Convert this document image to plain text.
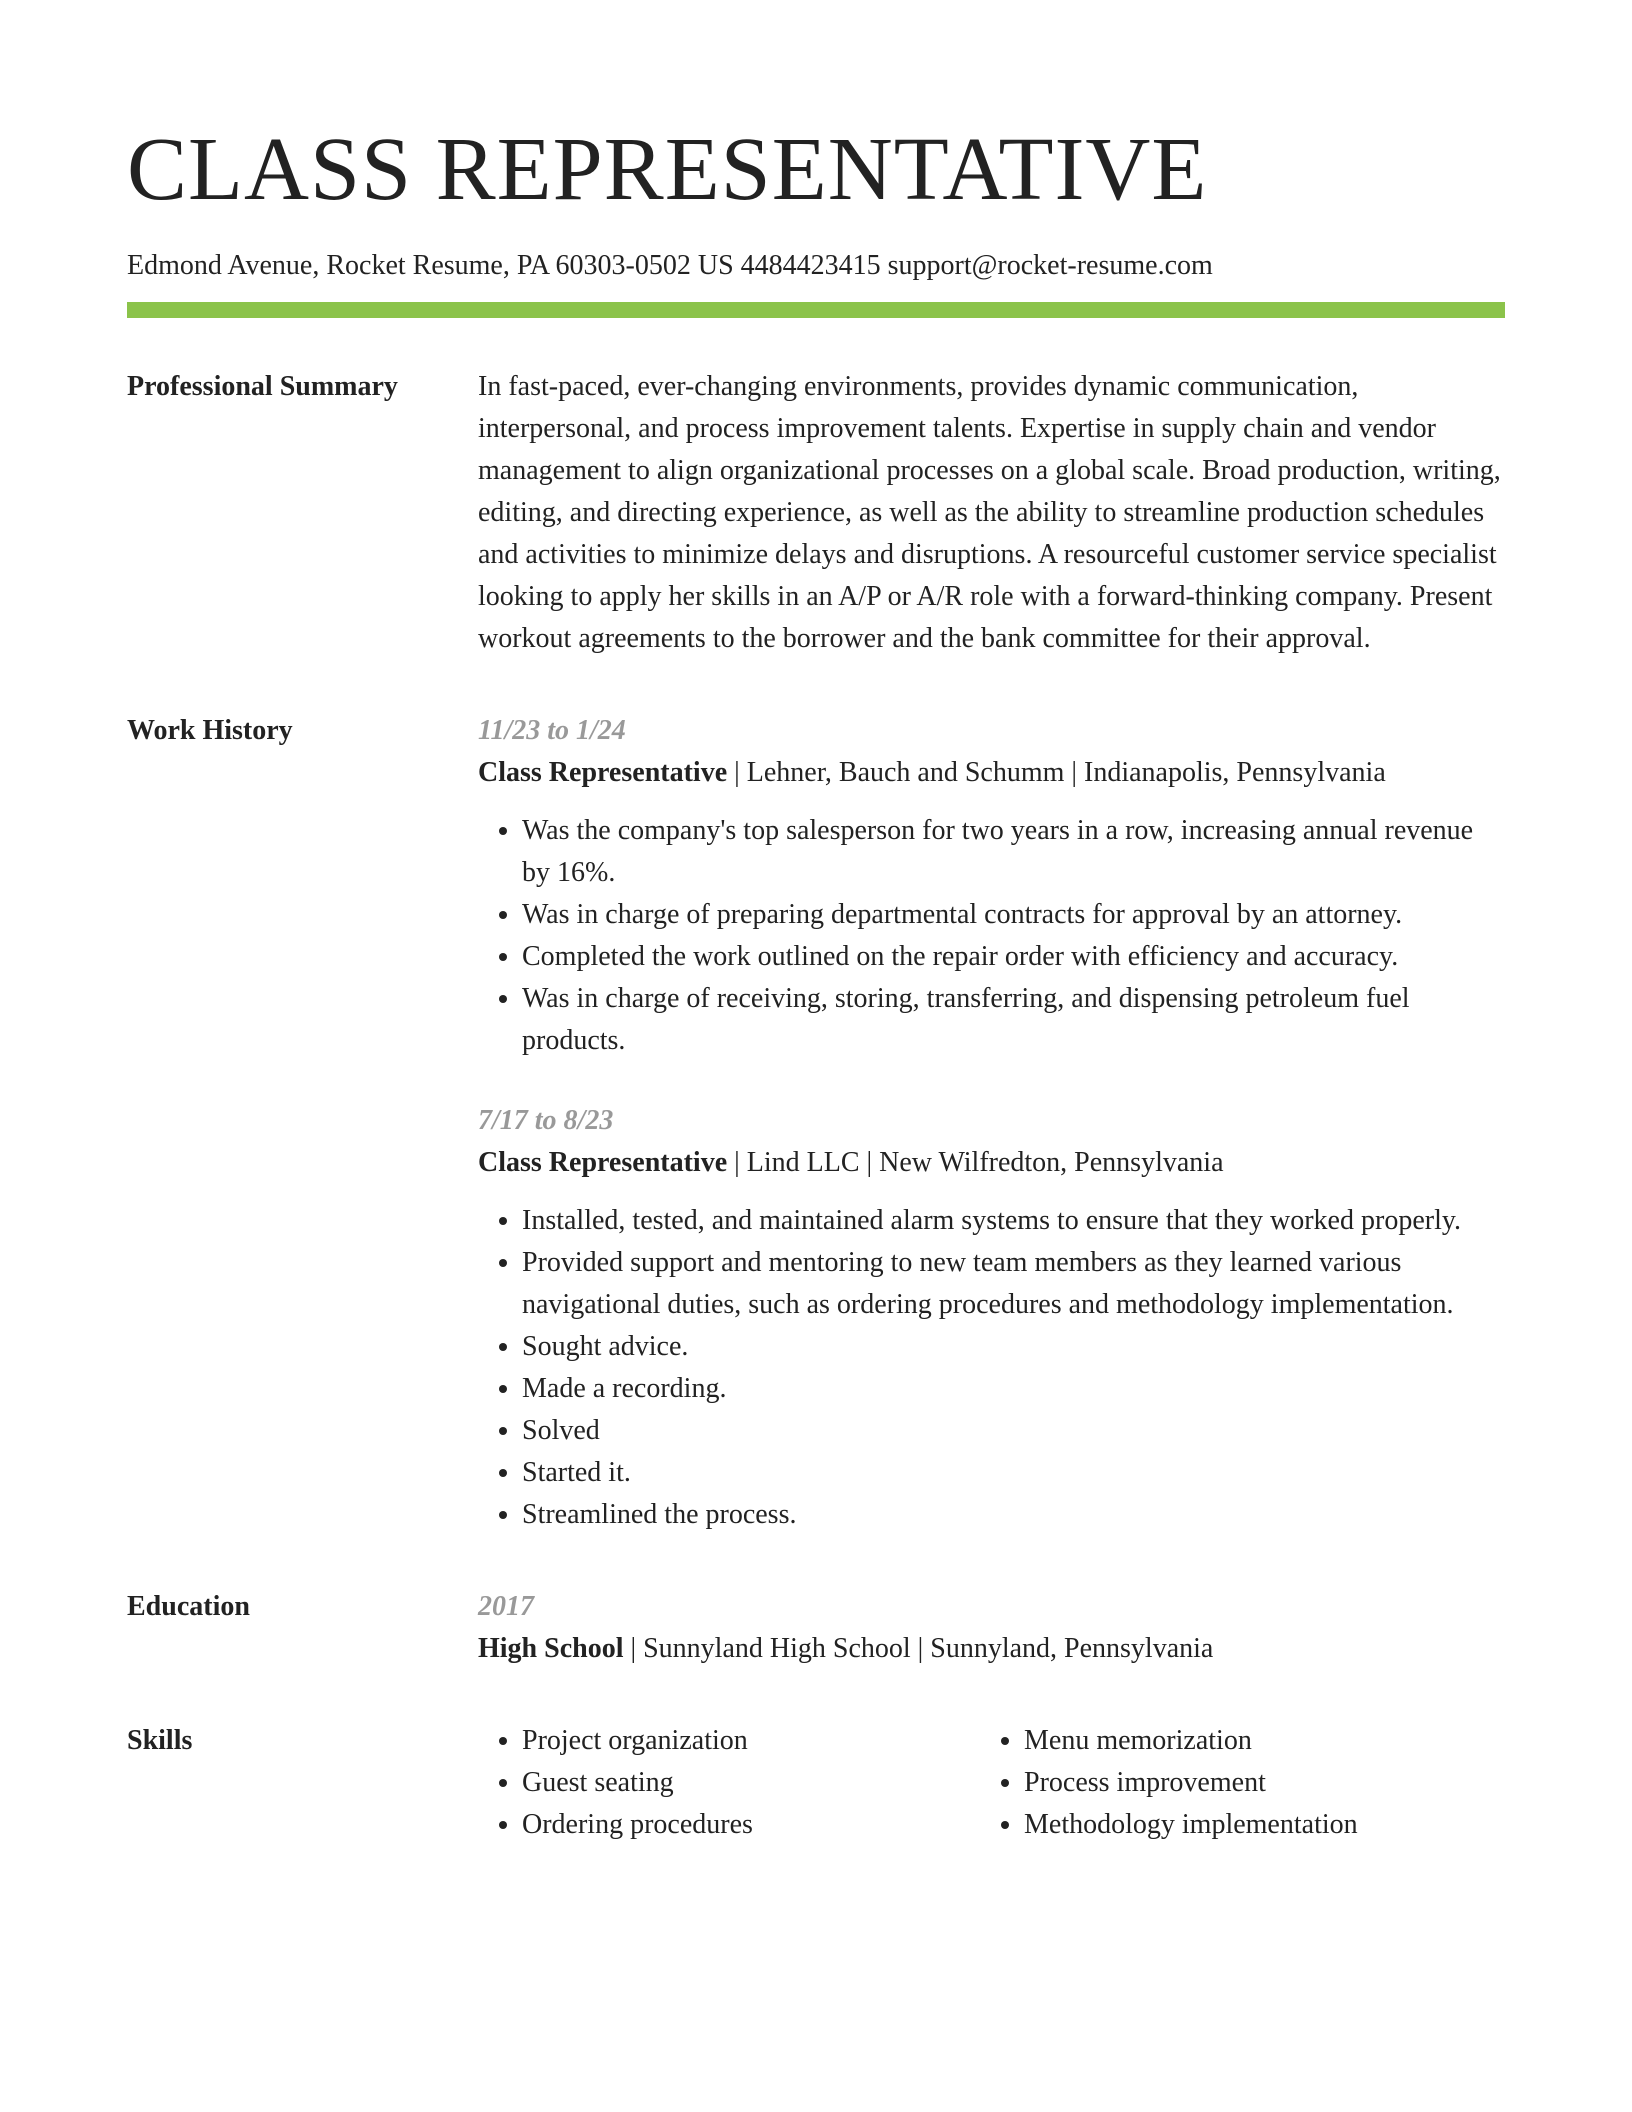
CLASS REPRESENTATIVE
Edmond Avenue, Rocket Resume, PA 60303-0502 US 4484423415 support@rocket-resume.com
Professional Summary	In fast-paced, ever-changing environments, provides dynamic communication, interpersonal, and process improvement talents. Expertise in supply chain and vendor management to align organizational processes on a global scale. Broad production, writing, editing, and directing experience, as well as the ability to streamline production schedules and activities to minimize delays and disruptions. A resourceful customer service specialist looking to apply her skills in an A/P or A/R role with a forward-thinking company. Present workout agreements to the borrower and the bank committee for their approval.

Work History	11/23 to 1/24
Class Representative | Lehner, Bauch and Schumm | Indianapolis, Pennsylvania
• Was the company's top salesperson for two years in a row, increasing annual revenue by 16%.
• Was in charge of preparing departmental contracts for approval by an attorney.
• Completed the work outlined on the repair order with efficiency and accuracy.
• Was in charge of receiving, storing, transferring, and dispensing petroleum fuel products.
7/17 to 8/23
Class Representative | Lind LLC | New Wilfredton, Pennsylvania
• Installed, tested, and maintained alarm systems to ensure that they worked properly.
• Provided support and mentoring to new team members as they learned various navigational duties, such as ordering procedures and methodology implementation.
• Sought advice.
• Made a recording.
• Solved
• Started it.
• Streamlined the process.
Education	2017
High School | Sunnyland High School | Sunnyland, Pennsylvania
Skills
•	Project organization
• Guest seating
• Ordering procedures
• Menu memorization
• Process improvement
• Methodology implementation
